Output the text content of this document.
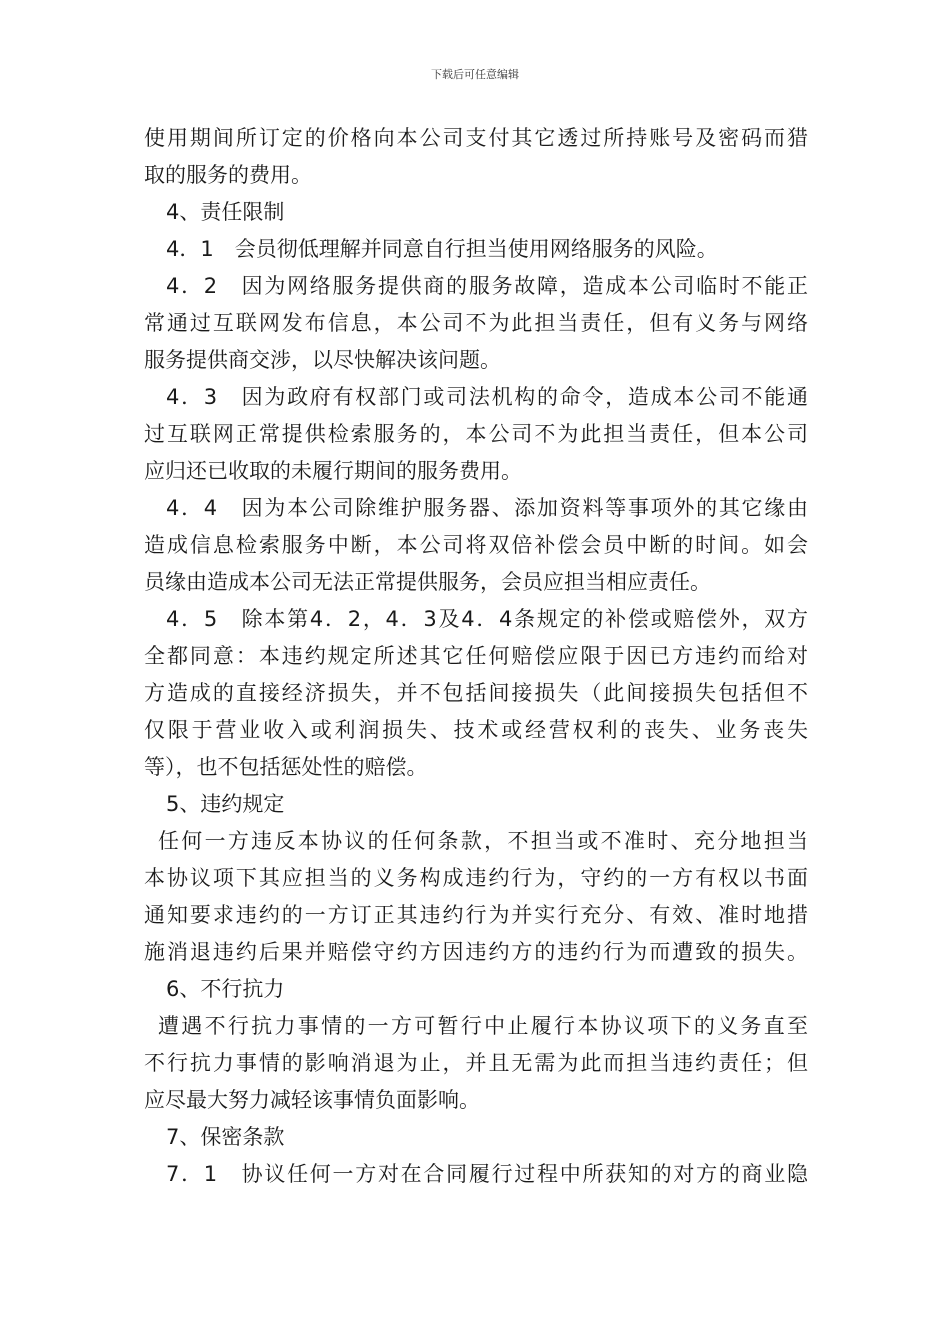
下载后可任意编辑
使用期间所订定的价格向本公司支付其它透过所持账号及密码而猎
取的服务的费用。
4、责任限制
4．1　会员彻低理解并同意自行担当使用网络服务的风险。
4．2　因为网络服务提供商的服务故障，造成本公司临时不能正
常通过互联网发布信息，本公司不为此担当责任，但有义务与网络
服务提供商交涉，以尽快解决该问题。
4．3　因为政府有权部门或司法机构的命令，造成本公司不能通
过互联网正常提供检索服务的，本公司不为此担当责任，但本公司
应归还已收取的未履行期间的服务费用。
4．4　因为本公司除维护服务器、添加资料等事项外的其它缘由
造成信息检索服务中断，本公司将双倍补偿会员中断的时间。如会
员缘由造成本公司无法正常提供服务，会员应担当相应责任。
4．5　除本第4．2，4．3及4．4条规定的补偿或赔偿外，双方
全都同意：本违约规定所述其它任何赔偿应限于因已方违约而给对
方造成的直接经济损失，并不包括间接损失（此间接损失包括但不
仅限于营业收入或利润损失、技术或经营权利的丧失、业务丧失
等），也不包括惩处性的赔偿。
5、违约规定
任何一方违反本协议的任何条款，不担当或不准时、充分地担当
本协议项下其应担当的义务构成违约行为，守约的一方有权以书面
通知要求违约的一方订正其违约行为并实行充分、有效、准时地措
施消退违约后果并赔偿守约方因违约方的违约行为而遭致的损失。
6、不行抗力
遭遇不行抗力事情的一方可暂行中止履行本协议项下的义务直至
不行抗力事情的影响消退为止，并且无需为此而担当违约责任；但
应尽最大努力减轻该事情负面影响。
7、保密条款
7．1　协议任何一方对在合同履行过程中所获知的对方的商业隐
